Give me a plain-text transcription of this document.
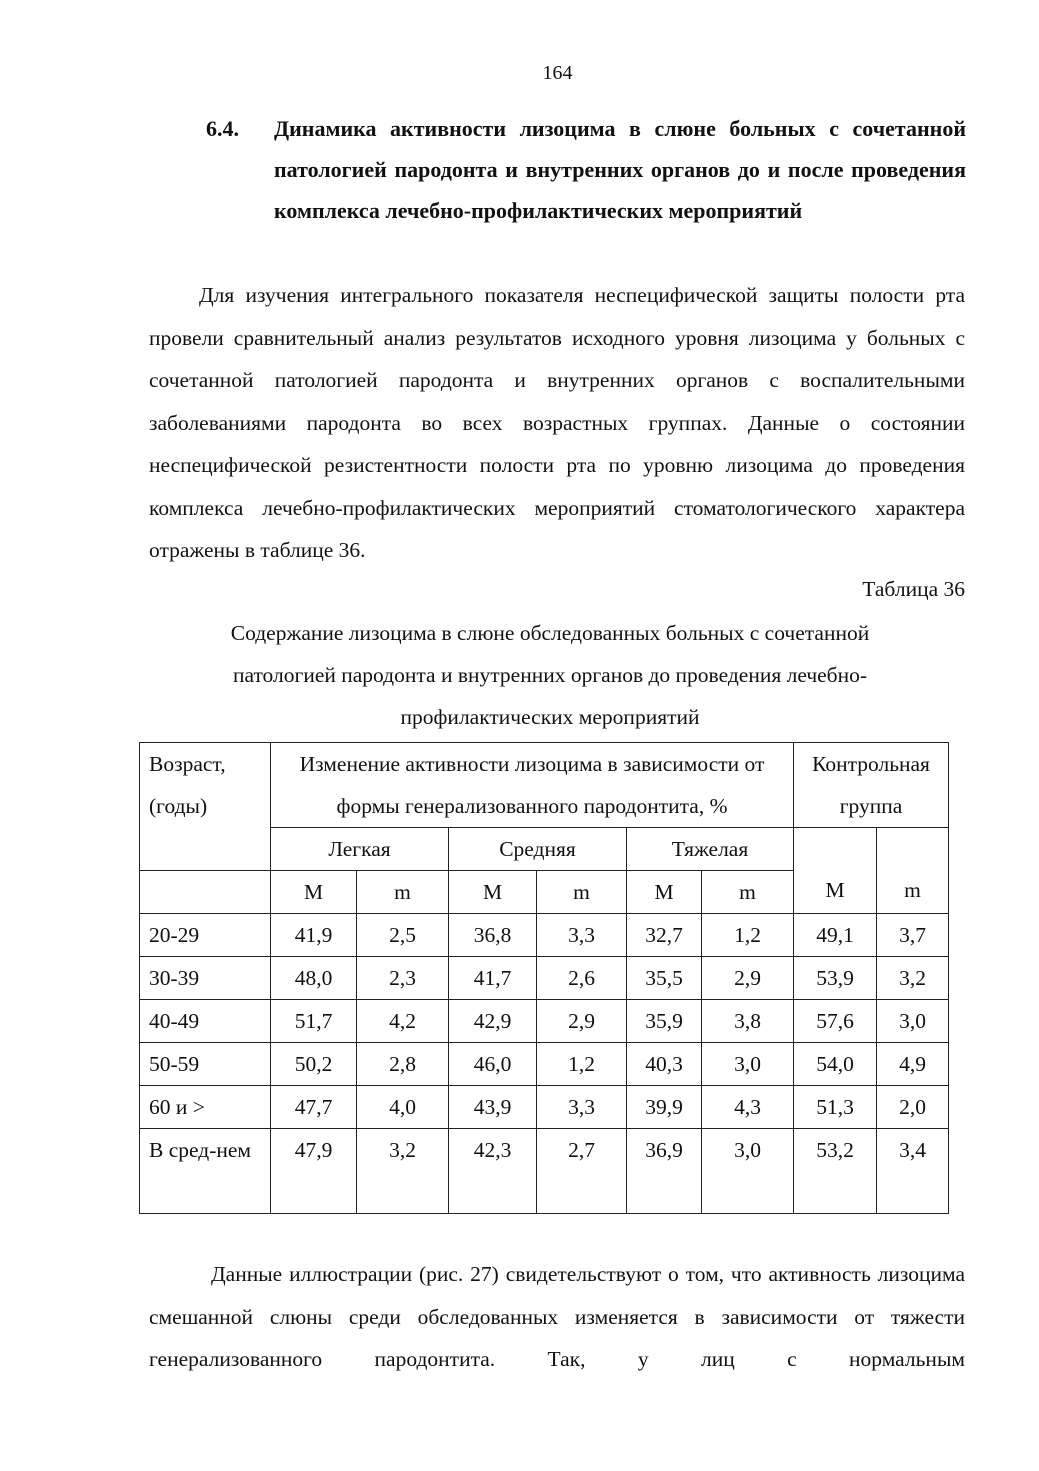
164
6.4. Динамика активности лизоцима в слюне больных с сочетанной патологией пародонта и внутренних органов до и после проведения комплекса лечебно-профилактических мероприятий
Для изучения интегрального показателя неспецифической защиты полости рта провели сравнительный анализ результатов исходного уровня лизоцима у больных с сочетанной патологией пародонта и внутренних органов с воспалительными заболеваниями пародонта во всех возрастных группах. Данные о состоянии неспецифической резистентности полости рта по уровню лизоцима до проведения комплекса лечебно-профилактических мероприятий стоматологического характера отражены в таблице 36.
Таблица 36
Содержание лизоцима в слюне обследованных больных с сочетанной
патологией пародонта и внутренних органов до проведения лечебно-
профилактических мероприятий
Возраст, (годы)	Изменение активности лизоцима в зависимости от формы генерализованного пародонтита, %						Контрольная группа	
	Легкая		Средняя		Тяжелая		М	m
	М	m	М	m	М	m		
20-29	41,9	2,5	36,8	3,3	32,7	1,2	49,1	3,7
30-39	48,0	2,3	41,7	2,6	35,5	2,9	53,9	3,2
40-49	51,7	4,2	42,9	2,9	35,9	3,8	57,6	3,0
50-59	50,2	2,8	46,0	1,2	40,3	3,0	54,0	4,9
60 и >	47,7	4,0	43,9	3,3	39,9	4,3	51,3	2,0
В сред-нем	47,9	3,2	42,3	2,7	36,9	3,0	53,2	3,4
Данные иллюстрации (рис. 27) свидетельствуют о том, что активность лизоцима смешанной слюны среди обследованных изменяется в зависимости от тяжести генерализованного пародонтита. Так, у лиц с нормальным
